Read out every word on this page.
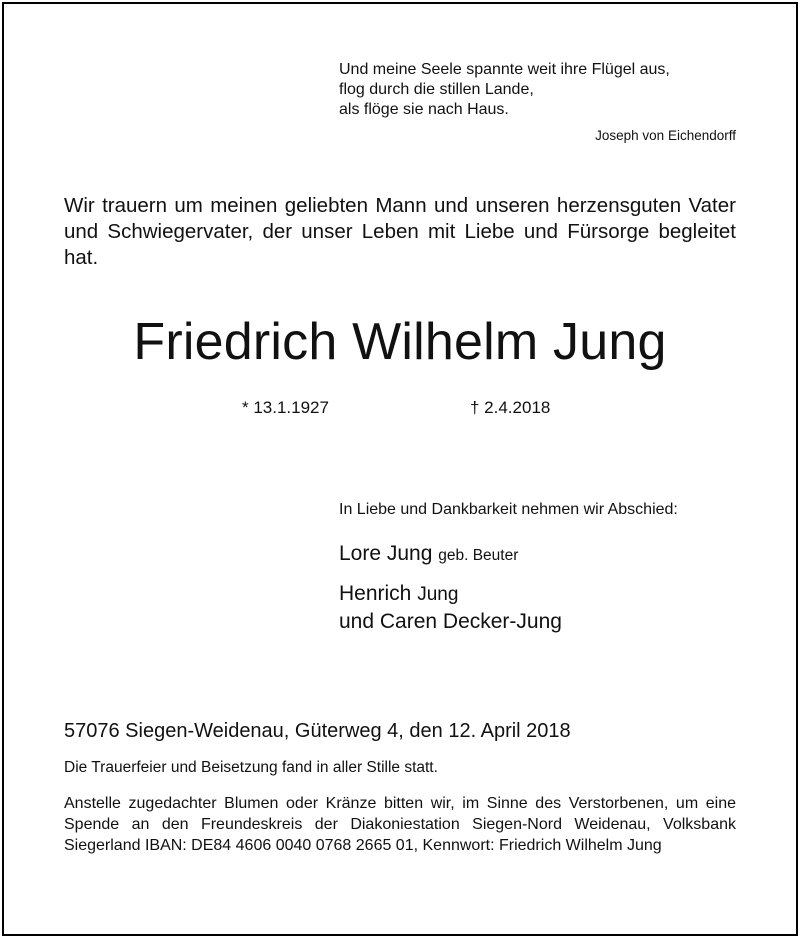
Und meine Seele spannte weit ihre Flügel aus,
flog durch die stillen Lande,
als flöge sie nach Haus.
Joseph von Eichendorff
Wir trauern um meinen geliebten Mann und unseren herzensguten Vater und Schwiegervater, der unser Leben mit Liebe und Fürsorge begleitet hat.
Friedrich Wilhelm Jung
* 13.1.1927	† 2.4.2018
In Liebe und Dankbarkeit nehmen wir Abschied:
Lore Jung geb. Beuter
Henrich Jung
und Caren Decker-Jung
57076 Siegen-Weidenau, Güterweg 4, den 12. April 2018
Die Trauerfeier und Beisetzung fand in aller Stille statt.
Anstelle zugedachter Blumen oder Kränze bitten wir, im Sinne des Verstorbenen, um eine Spende an den Freundeskreis der Diakoniestation Siegen-Nord Weidenau, Volksbank Siegerland IBAN: DE84 4606 0040 0768 2665 01, Kennwort: Friedrich Wilhelm Jung
